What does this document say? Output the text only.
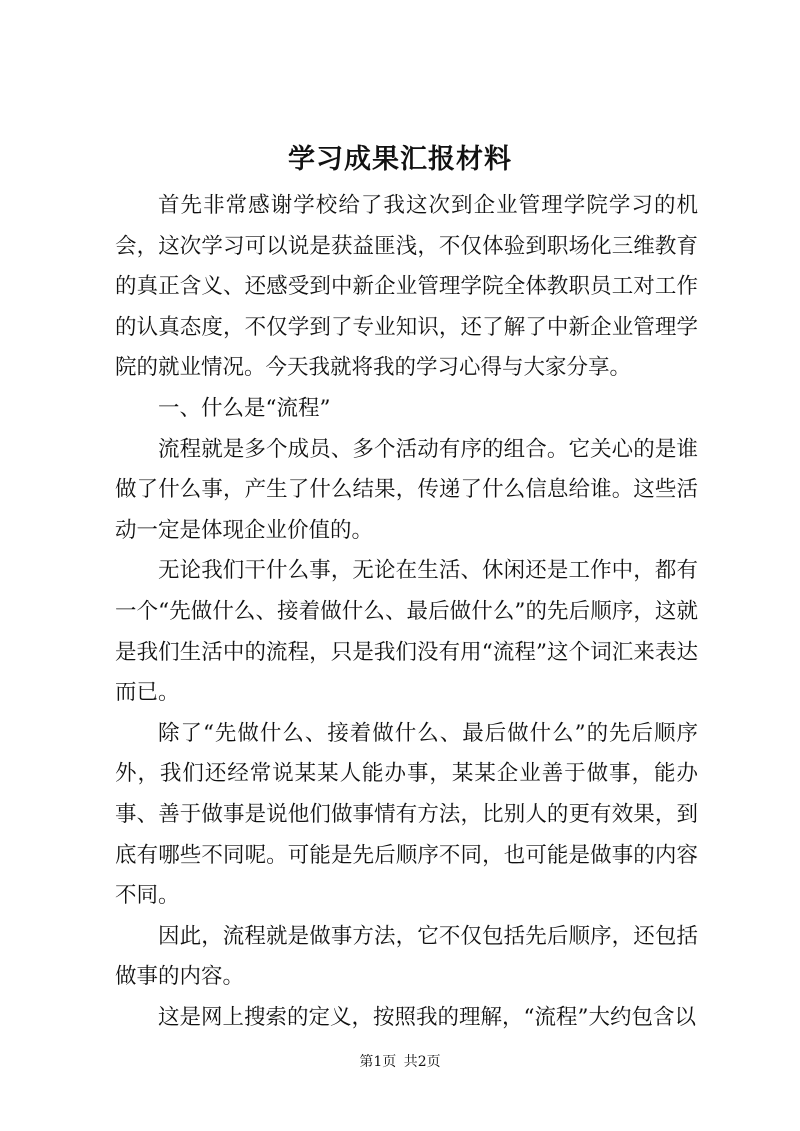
学习成果汇报材料

首先非常感谢学校给了我这次到企业管理学院学习的机会，这次学习可以说是获益匪浅，不仅体验到职场化三维教育的真正含义、还感受到中新企业管理学院全体教职员工对工作的认真态度，不仅学到了专业知识，还了解了中新企业管理学院的就业情况。今天我就将我的学习心得与大家分享。

一、什么是“流程”

流程就是多个成员、多个活动有序的组合。它关心的是谁做了什么事，产生了什么结果，传递了什么信息给谁。这些活动一定是体现企业价值的。

无论我们干什么事，无论在生活、休闲还是工作中，都有一个“先做什么、接着做什么、最后做什么”的先后顺序，这就是我们生活中的流程，只是我们没有用“流程”这个词汇来表达而已。

除了“先做什么、接着做什么、最后做什么”的先后顺序外，我们还经常说某某人能办事，某某企业善于做事，能办事、善于做事是说他们做事情有方法，比别人的更有效果，到底有哪些不同呢。可能是先后顺序不同，也可能是做事的内容不同。

因此，流程就是做事方法，它不仅包括先后顺序，还包括做事的内容。

这是网上搜索的定义，按照我的理解，“流程”大约包含以

第1页 共2页
